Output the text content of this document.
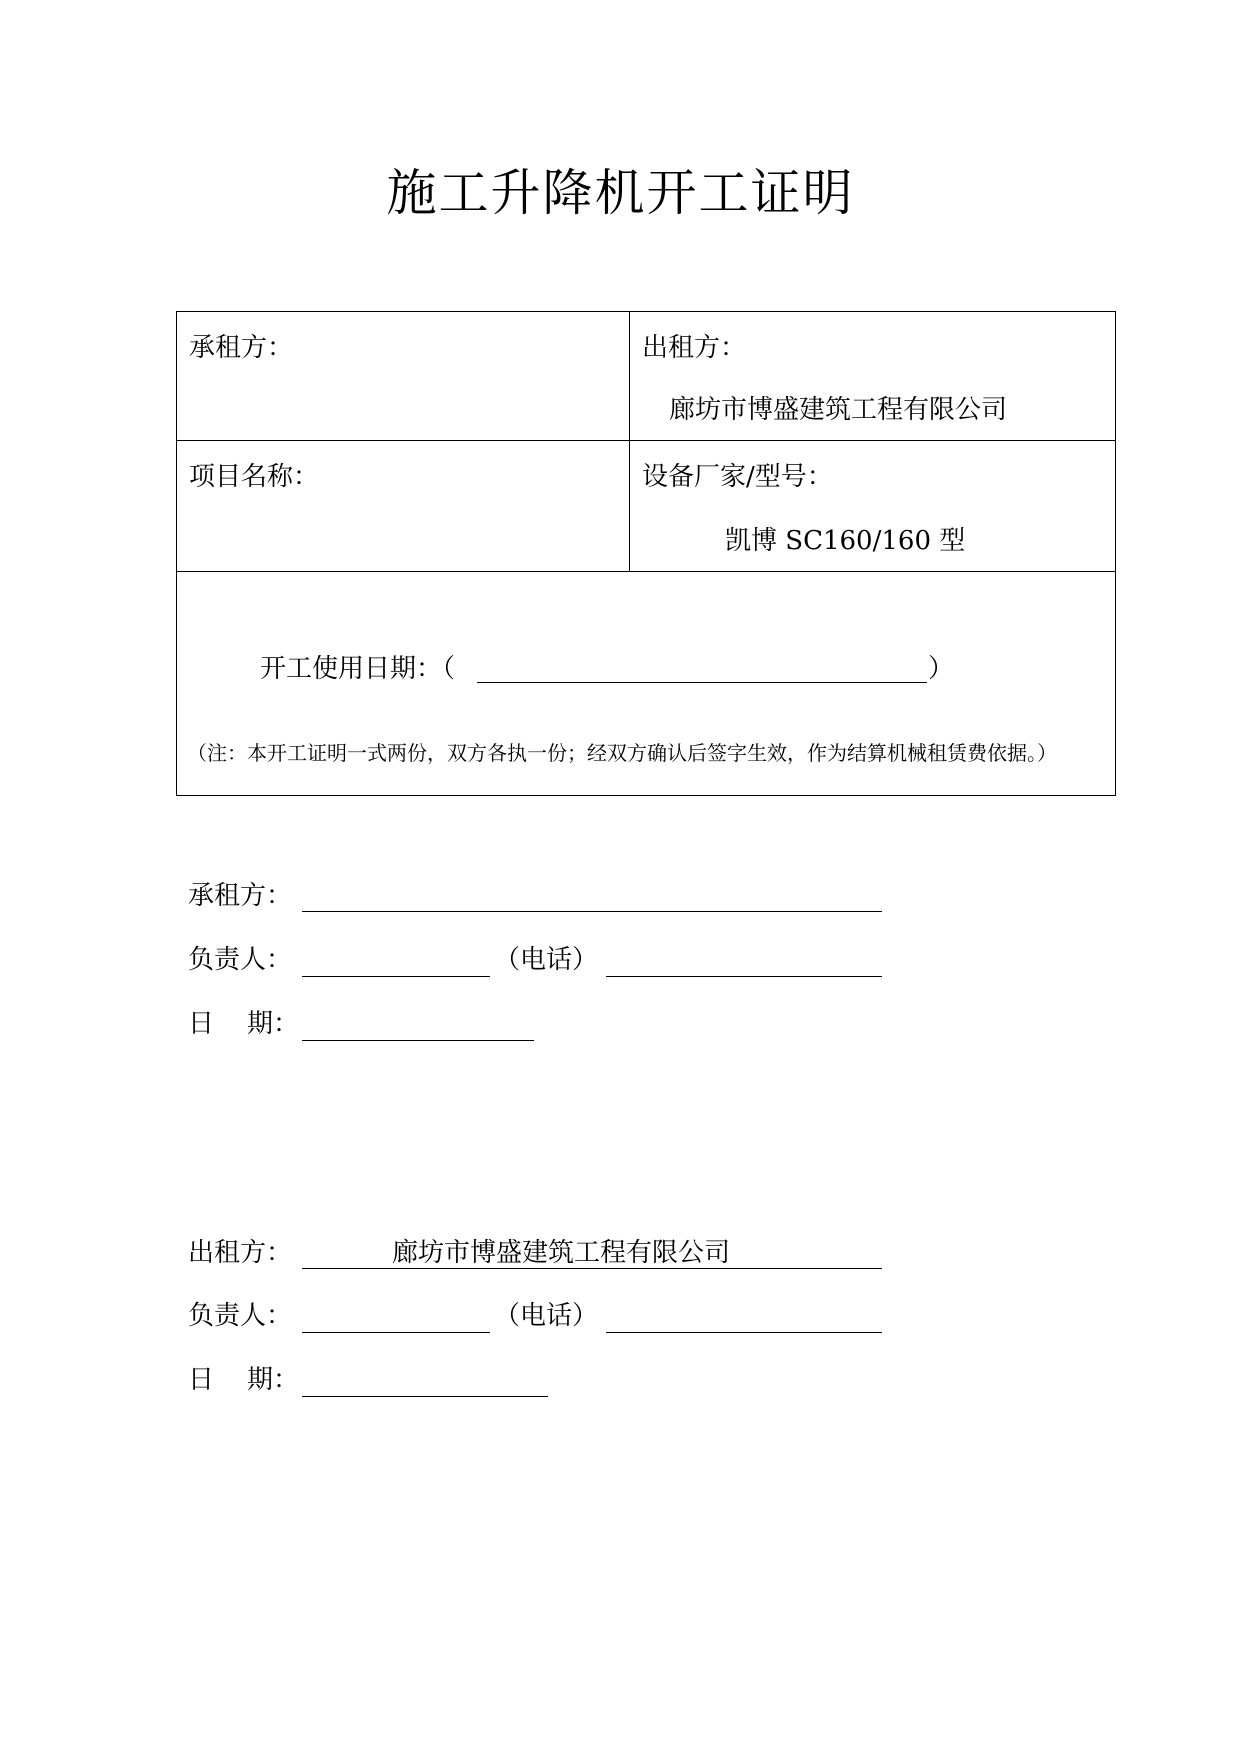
施工升降机开工证明
承租方：	出租方：
廊坊市博盛建筑工程有限公司
项目名称：	设备厂家/型号：
凯博 SC160/160 型
开工使用日期：（	）
（注：本开工证明一式两份，双方各执一份；经双方确认后签字生效，作为结算机械租赁费依据。）
承租方：
负责人：	（电话）
日    期：
出租方：	廊坊市博盛建筑工程有限公司
负责人：	（电话）
日    期：
